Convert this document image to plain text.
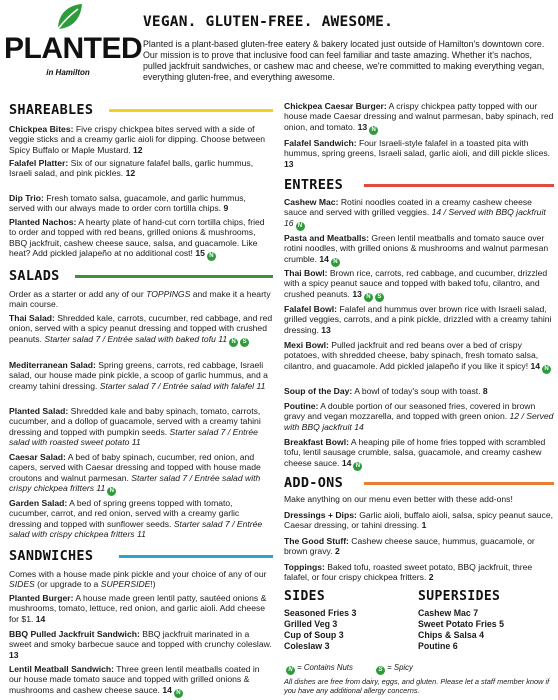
PLANTED
in Hamilton
VEGAN. GLUTEN-FREE. AWESOME.
Planted is a plant-based gluten-free eatery & bakery located just outside of Hamilton's downtown core. Our mission is to prove that inclusive food can feel familiar and taste amazing. Whether it's nachos, pulled jackfruit sandwiches, or cashew mac and cheese, we're committed to making everything vegan, everything gluten-free, and everything awesome.
SHAREABLES
Chickpea Bites: Five crispy chickpea bites served with a side of veggie sticks and a creamy garlic aioli for dipping. Choose between Spicy Buffalo or Maple Mustard. 12
Falafel Platter: Six of our signature falafel balls, garlic hummus, Israeli salad, and pink pickles. 12
Dip Trio: Fresh tomato salsa, guacamole, and garlic hummus, served with our always made to order corn tortilla chips. 9
Planted Nachos: A hearty plate of hand-cut corn tortilla chips, fried to order and topped with red beans, grilled onions & mushrooms, BBQ jackfruit, cashew cheese sauce, salsa, and guacamole. Like heat? Add pickled jalapeño at no additional cost! 15 N
SALADS
Order as a starter or add any of our TOPPINGS and make it a hearty main course.
Thai Salad: Shredded kale, carrots, cucumber, red cabbage, and red onion, served with a spicy peanut dressing and topped with crushed peanuts. Starter salad 7 / Entrée salad with baked tofu 11 N S
Mediterranean Salad: Spring greens, carrots, red cabbage, Israeli salad, our house made pink pickle, a scoop of garlic hummus, and a creamy tahini dressing. Starter salad 7 / Entrée salad with falafel 11
Planted Salad: Shredded kale and baby spinach, tomato, carrots, cucumber, and a dollop of guacamole, served with a creamy tahini dressing and topped with pumpkin seeds. Starter salad 7 / Entrée salad with roasted sweet potato 11
Caesar Salad: A bed of baby spinach, cucumber, red onion, and capers, served with Caesar dressing and topped with house made croutons and walnut parmesan. Starter salad 7 / Entrée salad with crispy chickpea fritters 11 N
Garden Salad: A bed of spring greens topped with tomato, cucumber, carrot, and red onion, served with a creamy garlic dressing and topped with sunflower seeds. Starter salad 7 / Entrée salad with crispy chickpea fritters 11
SANDWICHES
Comes with a house made pink pickle and your choice of any of our SIDES (or upgrade to a SUPERSIDE!)
Planted Burger: A house made green lentil patty, sautéed onions & mushrooms, tomato, lettuce, red onion, and garlic aioli. Add cheese for $1. 14
BBQ Pulled Jackfruit Sandwich: BBQ jackfruit marinated in a sweet and smoky barbecue sauce and topped with crunchy coleslaw. 13
Lentil Meatball Sandwich: Three green lentil meatballs coated in our house made tomato sauce and topped with grilled onions & mushrooms and cashew cheese sauce. 14 N
Chickpea Caesar Burger: A crispy chickpea patty topped with our house made Caesar dressing and walnut parmesan, baby spinach, red onion, and tomato. 13 N
Falafel Sandwich: Four Israeli-style falafel in a toasted pita with hummus, spring greens, Israeli salad, garlic aioli, and dill pickle slices. 13
ENTREES
Cashew Mac: Rotini noodles coated in a creamy cashew cheese sauce and served with grilled veggies. 14 / Served with BBQ jackfruit 16 N
Pasta and Meatballs: Green lentil meatballs and tomato sauce over rotini noodles, with grilled onions & mushrooms and walnut parmesan crumble. 14 N
Thai Bowl: Brown rice, carrots, red cabbage, and cucumber, drizzled with a spicy peanut sauce and topped with baked tofu, cilantro, and crushed peanuts. 13 N S
Falafel Bowl: Falafel and hummus over brown rice with Israeli salad, grilled veggies, carrots, and a pink pickle, drizzled with a creamy tahini dressing. 13
Mexi Bowl: Pulled jackfruit and red beans over a bed of crispy potatoes, with shredded cheese, baby spinach, fresh tomato salsa, cilantro, and guacamole. Add pickled jalapeño if you like it spicy! 14 N
Soup of the Day: A bowl of today's soup with toast. 8
Poutine: A double portion of our seasoned fries, covered in brown gravy and vegan mozzarella, and topped with green onion. 12 / Served with BBQ jackfruit 14
Breakfast Bowl: A heaping pile of home fries topped with scrambled tofu, lentil sausage crumble, salsa, guacamole, and creamy cashew cheese sauce. 14 N
ADD-ONS
Make anything on our menu even better with these add-ons!
Dressings + Dips: Garlic aioli, buffalo aioli, salsa, spicy peanut sauce, Caesar dressing, or tahini dressing. 1
The Good Stuff: Cashew cheese sauce, hummus, guacamole, or brown gravy. 2
Toppings: Baked tofu, roasted sweet potato, BBQ jackfruit, three falafel, or four crispy chickpea fritters. 2
SIDES
Seasoned Fries 3
Grilled Veg 3
Cup of Soup 3
Coleslaw 3
SUPERSIDES
Cashew Mac 7
Sweet Potato Fries 5
Chips & Salsa 4
Poutine 6
N = Contains Nuts	S = Spicy
All dishes are free from dairy, eggs, and gluten. Please let a staff member know if you have any additional allergy concerns.
